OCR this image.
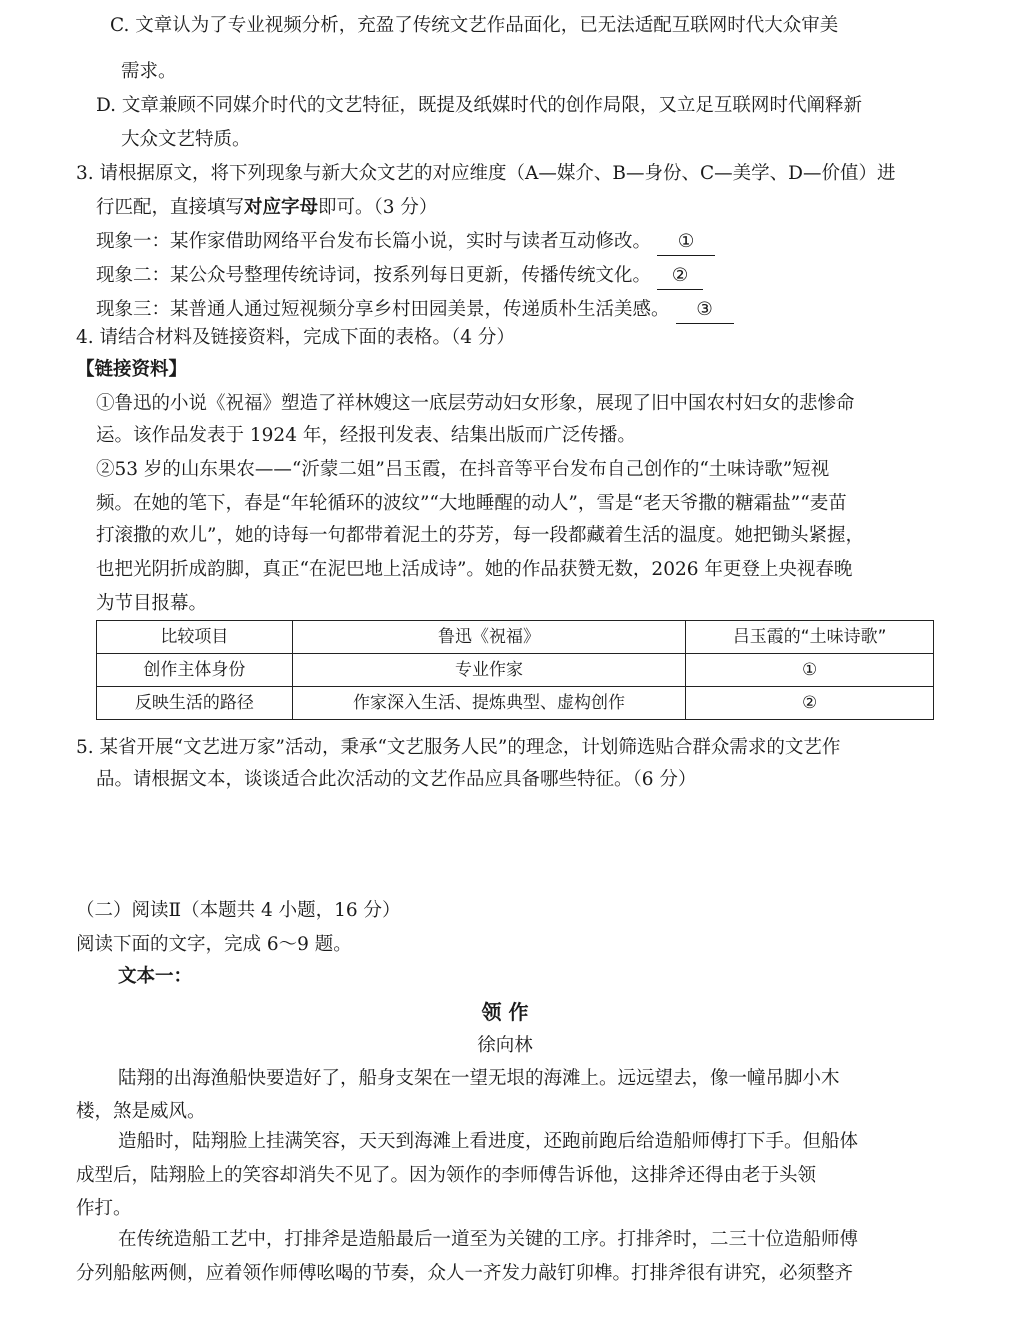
C. 文章认为了专业视频分析，充盈了传统文艺作品面化，已无法适配互联网时代大众审美
需求。
D. 文章兼顾不同媒介时代的文艺特征，既提及纸媒时代的创作局限，又立足互联网时代阐释新
大众文艺特质。
3. 请根据原文，将下列现象与新大众文艺的对应维度（A—媒介、B—身份、C—美学、D—价值）进
行匹配，直接填写对应字母即可。（3 分）
现象一：某作家借助网络平台发布长篇小说，实时与读者互动修改。 ①
现象二：某公众号整理传统诗词，按系列每日更新，传播传统文化。 ②
现象三：某普通人通过短视频分享乡村田园美景，传递质朴生活美感。 ③
4. 请结合材料及链接资料，完成下面的表格。（4 分）
【链接资料】
①鲁迅的小说《祝福》塑造了祥林嫂这一底层劳动妇女形象，展现了旧中国农村妇女的悲惨命
运。该作品发表于 1924 年，经报刊发表、结集出版而广泛传播。
②53 岁的山东果农——“沂蒙二姐”吕玉霞，在抖音等平台发布自己创作的“土味诗歌”短视
频。在她的笔下，春是“年轮循环的波纹”“大地睡醒的动人”，雪是“老天爷撒的糖霜盐”“麦苗
打滚撒的欢儿”，她的诗每一句都带着泥土的芬芳，每一段都藏着生活的温度。她把锄头紧握，
也把光阴折成韵脚，真正“在泥巴地上活成诗”。她的作品获赞无数，2026 年更登上央视春晚
为节目报幕。
比较项目	鲁迅《祝福》	吕玉霞的“土味诗歌”
创作主体身份	专业作家	①
反映生活的路径	作家深入生活、提炼典型、虚构创作	②
5. 某省开展“文艺进万家”活动，秉承“文艺服务人民”的理念，计划筛选贴合群众需求的文艺作
品。请根据文本，谈谈适合此次活动的文艺作品应具备哪些特征。（6 分）
（二）阅读Ⅱ（本题共 4 小题，16 分）
阅读下面的文字，完成 6～9 题。
文本一：
领 作
徐向林
陆翔的出海渔船快要造好了，船身支架在一望无垠的海滩上。远远望去，像一幢吊脚小木
楼，煞是威风。
造船时，陆翔脸上挂满笑容，天天到海滩上看进度，还跑前跑后给造船师傅打下手。但船体
成型后，陆翔脸上的笑容却消失不见了。因为领作的李师傅告诉他，这排斧还得由老于头领
作打。
在传统造船工艺中，打排斧是造船最后一道至为关键的工序。打排斧时，二三十位造船师傅
分列船舷两侧，应着领作师傅吆喝的节奏，众人一齐发力敲钉卯榫。打排斧很有讲究，必须整齐
